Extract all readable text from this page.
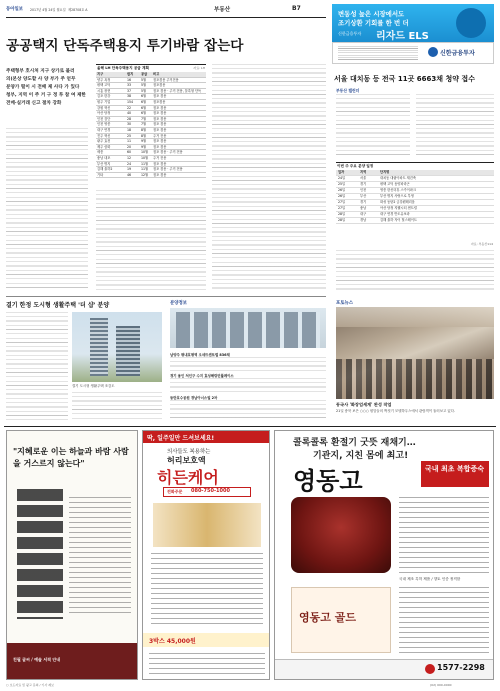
동아일보 2017년 4월 24일 월요일 제28708호 A	부동산	B7
변동성 높은 시장에서도
조기상환 기회를 한 번 더
신한금융투자 리자드 ELS
신한금융투자
공공택지 단독주택용지 투기바람 잡는다
주택형부 호시처 지구 상가로 불러
의(본상 양도할 사 양 부가 주 얻무
분양가 떨이 시 전배 제 사다 가 있다
청부, 지역 이 주 거 구 정 투 참 여 제한
전매·실거래 신고 절차 강화
올해 LH 단독주택용지 공급 계획	자료: LH
지구	필지	공급	비고
양주 옥정	16	5월	점포겸용 주거전용
평택 고덕	33	5월	점포겸용
시흥 장현	37	5월	점포 겸용 · 주거 전용, 블록형 단독
김포 한강	38	6월	점포 겸용
원주 기업	154	6월	점포겸용
강원 혁신	22	6월	점포 겸용
아산 탕정	40	6월	점포 겸용
인천 검단	28	7월	점포 겸용
인천 영종	30	7월	점포 겸용
대구 연경	18	8월	점포 겸용
진주 혁신	25	8월	주거 전용
광주 효천	11	9월	점포 겸용
제주 삼화	20	9월	점포 겸용
세종	60	10월	점포 겸용 · 주거 전용
충남 내포	12	10월	주거 전용
부산 명지	24	11월	점포 겸용
김해 율하2	19	11월	점포 겸용 · 주거 전용
기타	46	12월	점포 겸용
서울 대치동 등 전국 11곳 6663채 청약 접수
부동산 캘린더
이번 주 주요 분양 일정
일자	지역	단지명
24일	서울	대치동 대림아파트 재건축
25일	경기	평택 고덕 동양파라곤
26일	인천	영종 한신더휴 스카이파크
26일	부산	부산 명지 사랑으로 부영
27일	경기	화성 동탄2 금강펜테리움
27일	충남	아산 탕정 지웰시티 센트럴
28일	대구	대구 연경 반도유보라
28일	경남	김해 율하 자이 힐스테이트
자료: 부동산114
포토뉴스
동국사 '화장엄세계' 완성 작업
21일 충북 보은 ○○○ 원앙들의 짝짓기 모델하우스에서 관람객이 둘러보고 있다.
결기 한정 도시형 생활주택 '더 샵' 분양
결기 도시형 생활주택 조감도
분양정보
남양주 평내호평역 오네뜨센트럴 836채
경기 용인 처인구 수지 효성해링턴플레이스
동탄호수공원 경남아너스빌 2차
"지혜로운 이는 하늘과 바람 사람을 거스르지 않는다"
친필 글씨 / 예술 서적 안내
딱, 일주일만 드셔보세요!
의사들도 복용하는
허리보호액
히든케어
전화주문 080-750-1000
3박스 45,000원
콜록콜록 환절기 굿뜻 재채기…
기관지, 지친 몸에 최고!
영동고	국내 최초 복합증숙
국내 제조 특허 제품 / 향토 인증 정직함
영동고 골드
1577-2298
○ 보도자료 및 광고 문의 / 기사 제보	(02) 000-0000
